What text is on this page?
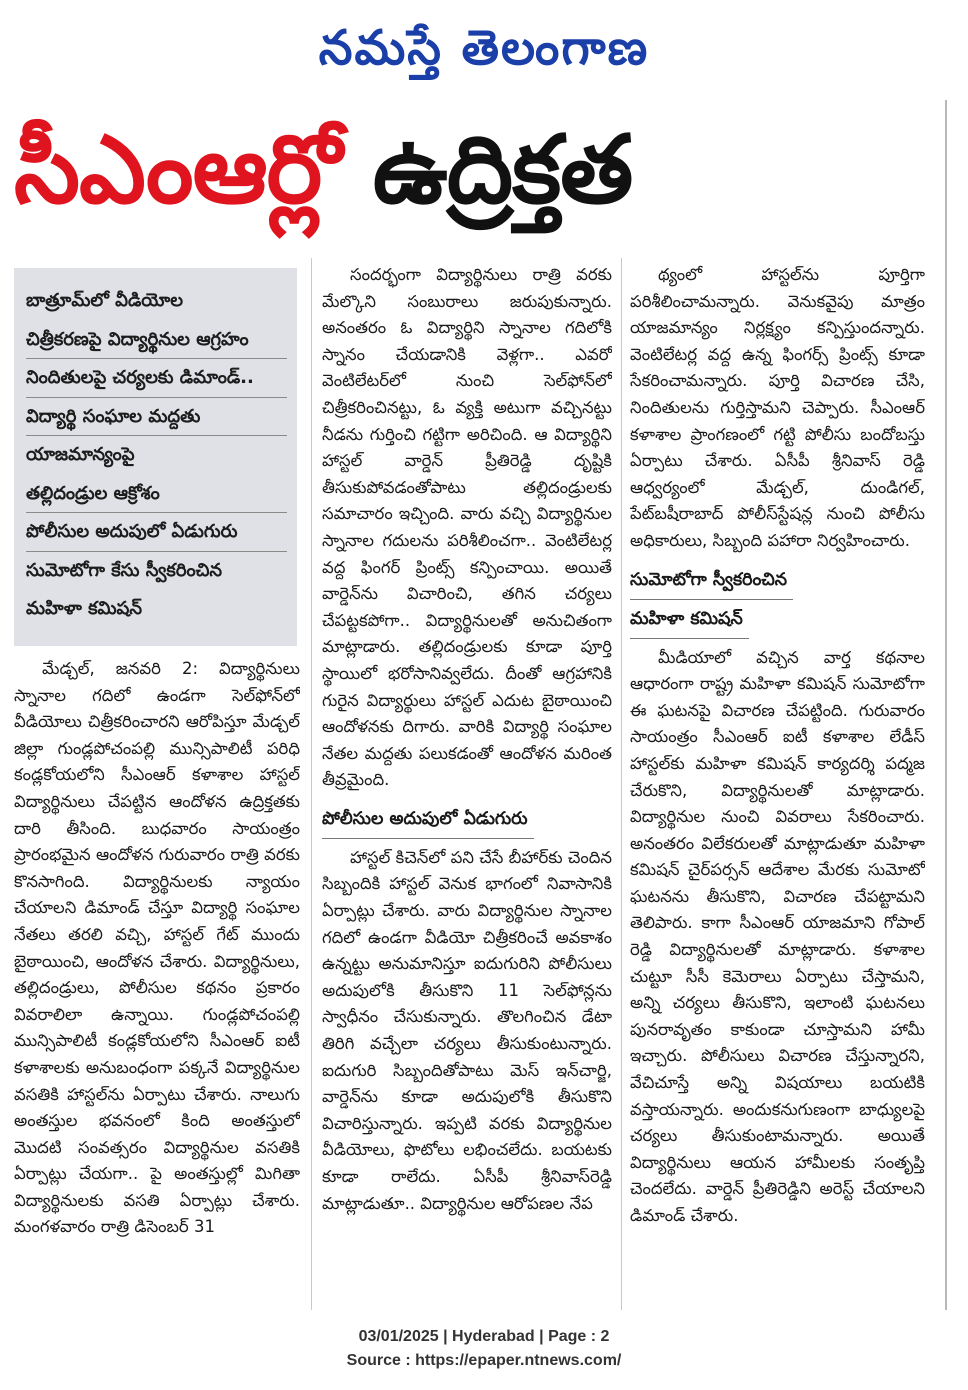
నమస్తే తెలంగాణ
సీఎంఆర్లో ఉద్రిక్తత
బాత్రూమ్‌లో వీడియోల
చిత్రీకరణపై విద్యార్థినుల ఆగ్రహం
నిందితులపై చర్యలకు డిమాండ్..
విద్యార్థి సంఘాల మద్దతు
యాజమాన్యంపై
తల్లిదండ్రుల ఆక్రోశం
పోలీసుల అదుపులో ఏడుగురు
సుమోటోగా కేసు స్వీకరించిన
మహిళా కమిషన్

మేడ్చల్‌, జనవరి 2: విద్యార్థినులు స్నానాల గదిలో ఉండగా సెల్‌ఫోన్‌లో వీడియోలు చిత్రీకరించారని ఆరోపిస్తూ మేడ్చల్‌ జిల్లా గుండ్లపోచంపల్లి మున్సిపాలిటీ పరిధి కండ్లకోయలోని సీఎంఆర్‌ కళాశాల హాస్టల్‌ విద్యార్థినులు చేపట్టిన ఆందోళన ఉద్రిక్తతకు దారి తీసింది. బుధవారం సాయంత్రం ప్రారంభమైన ఆందోళన గురువారం రాత్రి వరకు కొనసాగింది. విద్యార్థినులకు న్యాయం చేయాలని డిమాండ్‌ చేస్తూ విద్యార్థి సంఘాల నేతలు తరలి వచ్చి, హాస్టల్‌ గేట్‌ ముందు బైఠాయించి, ఆందోళన చేశారు. విద్యార్థినులు, తల్లిదండ్రులు, పోలీసుల కథనం ప్రకారం వివరాలిలా ఉన్నాయి. గుండ్లపోచంపల్లి మున్సిపాలిటీ కండ్లకోయలోని సీఎంఆర్‌ ఐటీ కళాశాలకు అనుబంధంగా పక్కనే విద్యార్థినుల వసతికి హాస్టల్‌ను ఏర్పాటు చేశారు. నాలుగు అంతస్తుల భవనంలో కింది అంతస్తులో మొదటి సంవత్సరం విద్యార్థినుల వసతికి ఏర్పాట్లు చేయగా.. పై అంతస్తుల్లో మిగితా విద్యార్థినులకు వసతి ఏర్పాట్లు చేశారు. మంగళవారం రాత్రి డిసెంబర్‌ 31

సందర్భంగా విద్యార్థినులు రాత్రి వరకు మేల్కొని సంబురాలు జరుపుకున్నారు. అనంతరం ఓ విద్యార్థిని స్నానాల గదిలోకి స్నానం చేయడానికి వెళ్లగా.. ఎవరో వెంటిలేటర్‌లో నుంచి సెల్‌ఫోన్‌లో చిత్రీకరించినట్టు, ఓ వ్యక్తి అటుగా వచ్చినట్టు నీడను గుర్తించి గట్టిగా అరిచింది. ఆ విద్యార్థిని హాస్టల్‌ వార్డెన్‌ ప్రీతిరెడ్డి దృష్టికి తీసుకుపోవడంతోపాటు తల్లిదండ్రులకు సమాచారం ఇచ్చింది. వారు వచ్చి విద్యార్థినుల స్నానాల గదులను పరిశీలించగా.. వెంటిలేటర్ల వద్ద ఫింగర్‌ ప్రింట్స్‌ కన్పించాయి. అయితే వార్డెన్‌ను విచారించి, తగిన చర్యలు చేపట్టకపోగా.. విద్యార్థినులతో అనుచితంగా మాట్లాడారు. తల్లిదండ్రులకు కూడా పూర్తి స్థాయిలో భరోసానివ్వలేదు. దీంతో ఆగ్రహానికి గురైన విద్యార్థులు హాస్టల్‌ ఎదుట బైఠాయించి ఆందోళనకు దిగారు. వారికి విద్యార్థి సంఘాల నేతల మద్దతు పలుకడంతో ఆందోళన మరింత తీవ్రమైంది.

పోలీసుల అదుపులో ఏడుగురు

హాస్టల్‌ కిచెన్‌లో పని చేసే బీహార్‌కు చెందిన సిబ్బందికి హాస్టల్‌ వెనుక భాగంలో నివాసానికి ఏర్పాట్లు చేశారు. వారు విద్యార్థినుల స్నానాల గదిలో ఉండగా వీడియో చిత్రీకరించే అవకాశం ఉన్నట్టు అనుమానిస్తూ ఐదుగురిని పోలీసులు అదుపులోకి తీసుకొని 11 సెల్‌ఫోన్లను స్వాధీనం చేసుకున్నారు. తొలగించిన డేటా తిరిగి వచ్చేలా చర్యలు తీసుకుంటున్నారు. ఐదుగురి సిబ్బందితోపాటు మెస్‌ ఇన్‌చార్జి, వార్డెన్‌ను కూడా అదుపులోకి తీసుకొని విచారిస్తున్నారు. ఇప్పటి వరకు విద్యార్థినుల వీడియోలు, ఫొటోలు లభించలేదు. బయటకు కూడా రాలేదు. ఏసీపీ శ్రీనివాస్‌రెడ్డి మాట్లాడుతూ.. విద్యార్థినుల ఆరోపణల నేప

థ్యంలో హాస్టల్‌ను పూర్తిగా పరిశీలించామన్నారు. వెనుకవైపు మాత్రం యాజమాన్యం నిర్లక్ష్యం కన్పిస్తుందన్నారు. వెంటిలేటర్ల వద్ద ఉన్న ఫింగర్స్‌ ప్రింట్స్‌ కూడా సేకరించామన్నారు. పూర్తి విచారణ చేసి, నిందితులను గుర్తిస్తామని చెప్పారు. సీఎంఆర్‌ కళాశాల ప్రాంగణంలో గట్టి పోలీసు బందోబస్తు ఏర్పాటు చేశారు. ఏసీపీ శ్రీనివాస్‌ రెడ్డి ఆధ్వర్యంలో మేడ్చల్‌, దుండిగల్‌, పేట్‌బషీరాబాద్‌ పోలీస్‌స్టేషన్ల నుంచి పోలీసు అధికారులు, సిబ్బంది పహారా నిర్వహించారు.

సుమోటోగా స్వీకరించిన
మహిళా కమిషన్‌

మీడియాలో వచ్చిన వార్త కథనాల ఆధారంగా రాష్ట్ర మహిళా కమిషన్‌ సుమోటోగా ఈ ఘటనపై విచారణ చేపట్టింది. గురువారం సాయంత్రం సీఎంఆర్‌ ఐటీ కళాశాల లేడీస్‌ హాస్టల్‌కు మహిళా కమిషన్‌ కార్యదర్శి పద్మజ చేరుకొని, విద్యార్థినులతో మాట్లాడారు. విద్యార్థినుల నుంచి వివరాలు సేకరించారు. అనంతరం విలేకరులతో మాట్లాడుతూ మహిళా కమిషన్‌ చైర్‌పర్సన్‌ ఆదేశాల మేరకు సుమోటో ఘటనను తీసుకొని, విచారణ చేపట్టామని తెలిపారు. కాగా సీఎంఆర్‌ యాజమాని గోపాల్‌ రెడ్డి విద్యార్థినులతో మాట్లాడారు. కళాశాల చుట్టూ సీసీ కెమెరాలు ఏర్పాటు చేస్తామని, అన్ని చర్యలు తీసుకొని, ఇలాంటి ఘటనలు పునరావృతం కాకుండా చూస్తామని హామీ ఇచ్చారు. పోలీసులు విచారణ చేస్తున్నారని, వేచిచూస్తే అన్ని విషయాలు బయటికి వస్తాయన్నారు. అందుకనుగుణంగా బాధ్యులపై చర్యలు తీసుకుంటామన్నారు. అయితే విద్యార్థినులు ఆయన హామీలకు సంతృప్తి చెందలేదు. వార్డెన్‌ ప్రీతిరెడ్డిని అరెస్ట్‌ చేయాలని డిమాండ్‌ చేశారు.

03/01/2025 | Hyderabad | Page : 2
Source : https://epaper.ntnews.com/
